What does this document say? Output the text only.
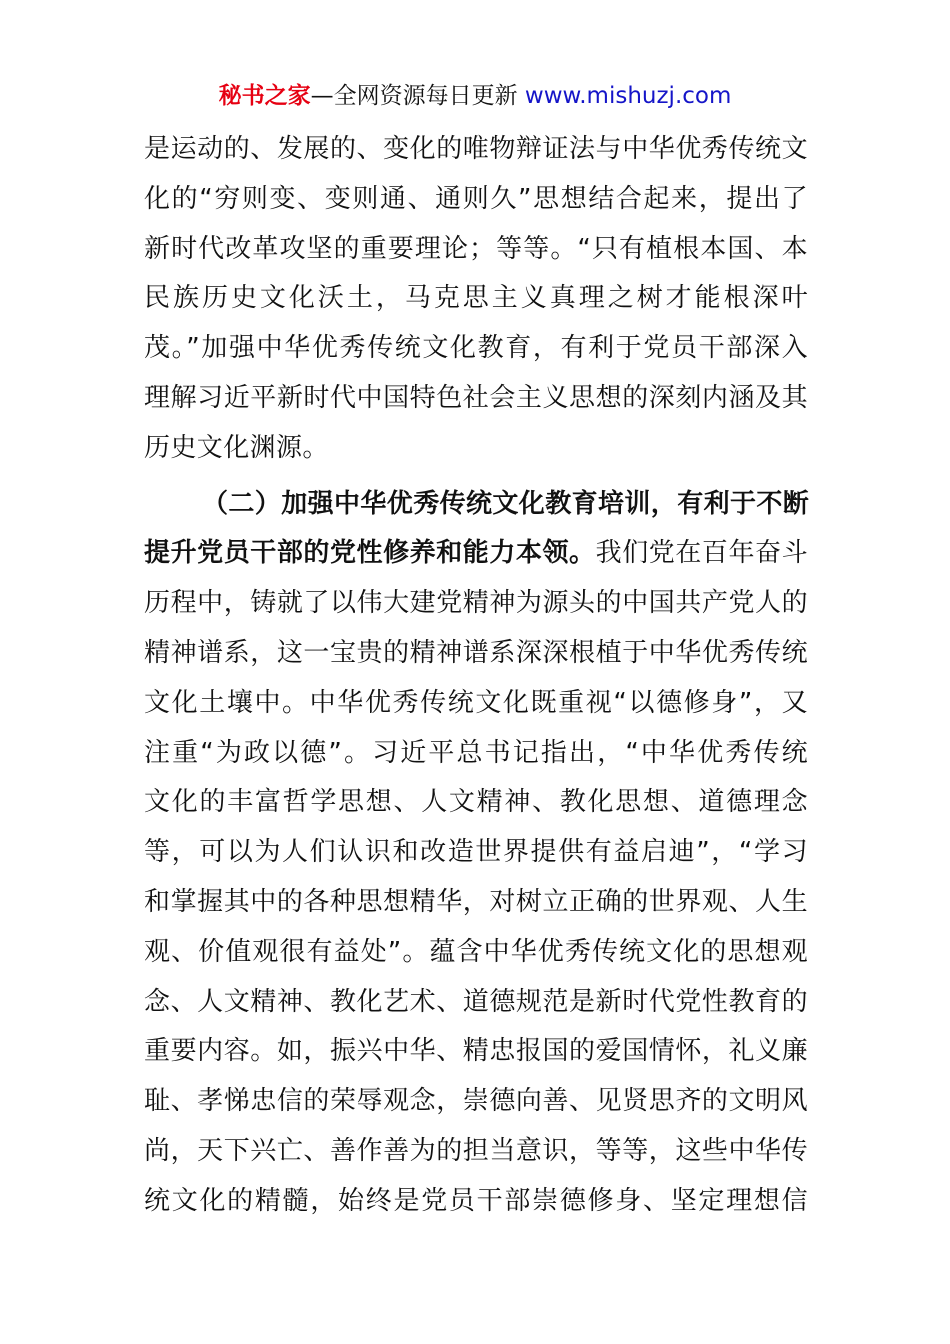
秘书之家—全网资源每日更新 www.mishuzj.com
是运动的、发展的、变化的唯物辩证法与中华优秀传统文
化的“穷则变、变则通、通则久”思想结合起来，提出了
新时代改革攻坚的重要理论；等等。“只有植根本国、本
民族历史文化沃土，马克思主义真理之树才能根深叶
茂。”加强中华优秀传统文化教育，有利于党员干部深入
理解习近平新时代中国特色社会主义思想的深刻内涵及其
历史文化渊源。
（二）加强中华优秀传统文化教育培训，有利于不断
提升党员干部的党性修养和能力本领。我们党在百年奋斗
历程中，铸就了以伟大建党精神为源头的中国共产党人的
精神谱系，这一宝贵的精神谱系深深根植于中华优秀传统
文化土壤中。中华优秀传统文化既重视“以德修身”，又
注重“为政以德”。习近平总书记指出，“中华优秀传统
文化的丰富哲学思想、人文精神、教化思想、道德理念
等，可以为人们认识和改造世界提供有益启迪”，“学习
和掌握其中的各种思想精华，对树立正确的世界观、人生
观、价值观很有益处”。蕴含中华优秀传统文化的思想观
念、人文精神、教化艺术、道德规范是新时代党性教育的
重要内容。如，振兴中华、精忠报国的爱国情怀，礼义廉
耻、孝悌忠信的荣辱观念，崇德向善、见贤思齐的文明风
尚，天下兴亡、善作善为的担当意识，等等，这些中华传
统文化的精髓，始终是党员干部崇德修身、坚定理想信
